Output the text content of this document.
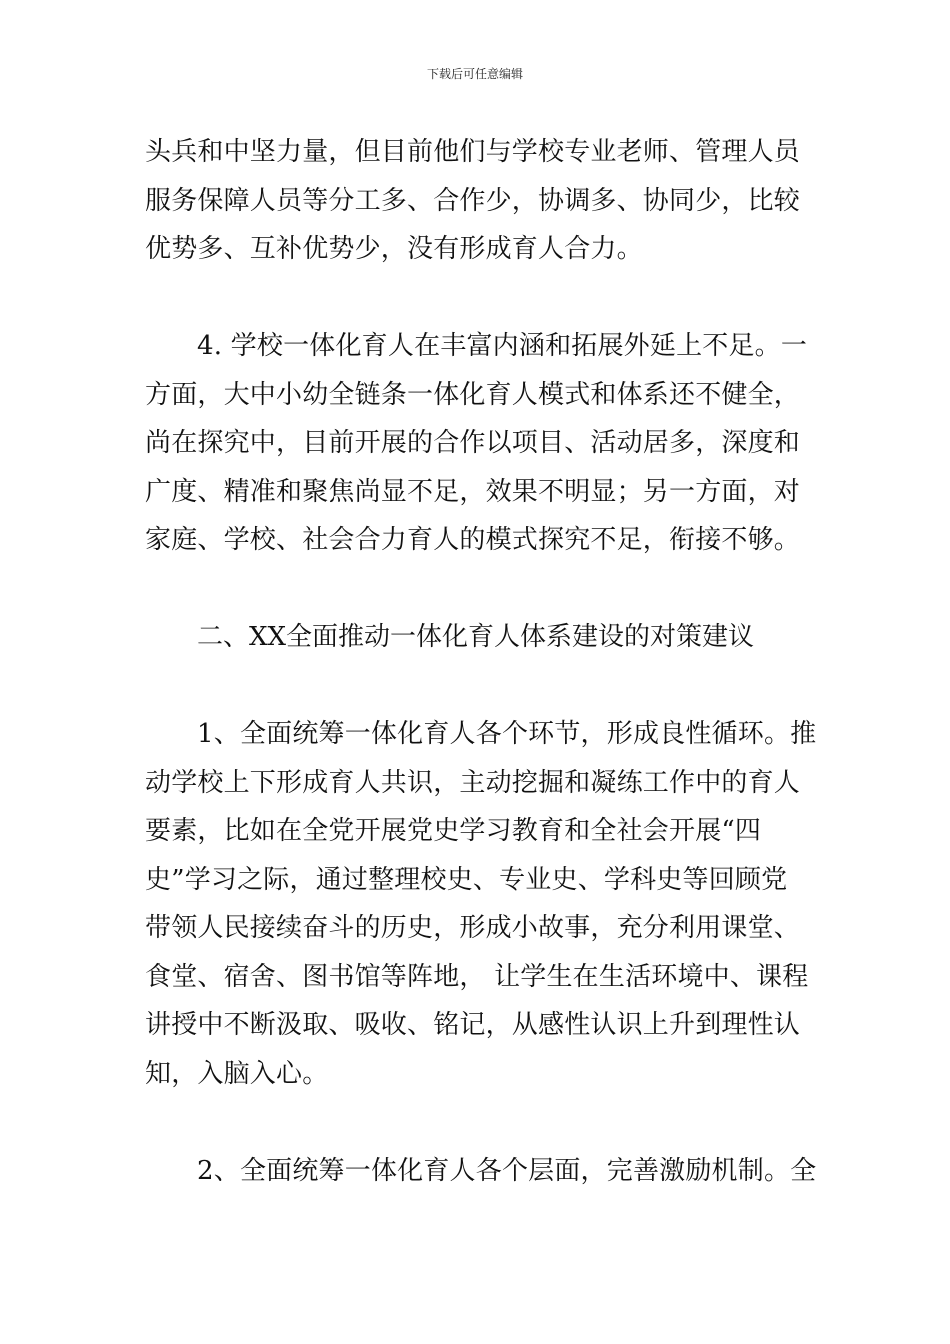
下载后可任意编辑

头兵和中坚力量，但目前他们与学校专业老师、管理人员
服务保障人员等分工多、合作少，协调多、协同少，比较
优势多、互补优势少，没有形成育人合力。

4. 学校一体化育人在丰富内涵和拓展外延上不足。一
方面，大中小幼全链条一体化育人模式和体系还不健全，
尚在探究中，目前开展的合作以项目、活动居多，深度和
广度、精准和聚焦尚显不足，效果不明显；另一方面，对
家庭、学校、社会合力育人的模式探究不足，衔接不够。

二、XX全面推动一体化育人体系建设的对策建议

1、全面统筹一体化育人各个环节，形成良性循环。推
动学校上下形成育人共识，主动挖掘和凝练工作中的育人
要素，比如在全党开展党史学习教育和全社会开展“四
史”学习之际，通过整理校史、专业史、学科史等回顾党
带领人民接续奋斗的历史，形成小故事，充分利用课堂、
食堂、宿舍、图书馆等阵地， 让学生在生活环境中、课程
讲授中不断汲取、吸收、铭记，从感性认识上升到理性认
知，入脑入心。

2、全面统筹一体化育人各个层面，完善激励机制。全
